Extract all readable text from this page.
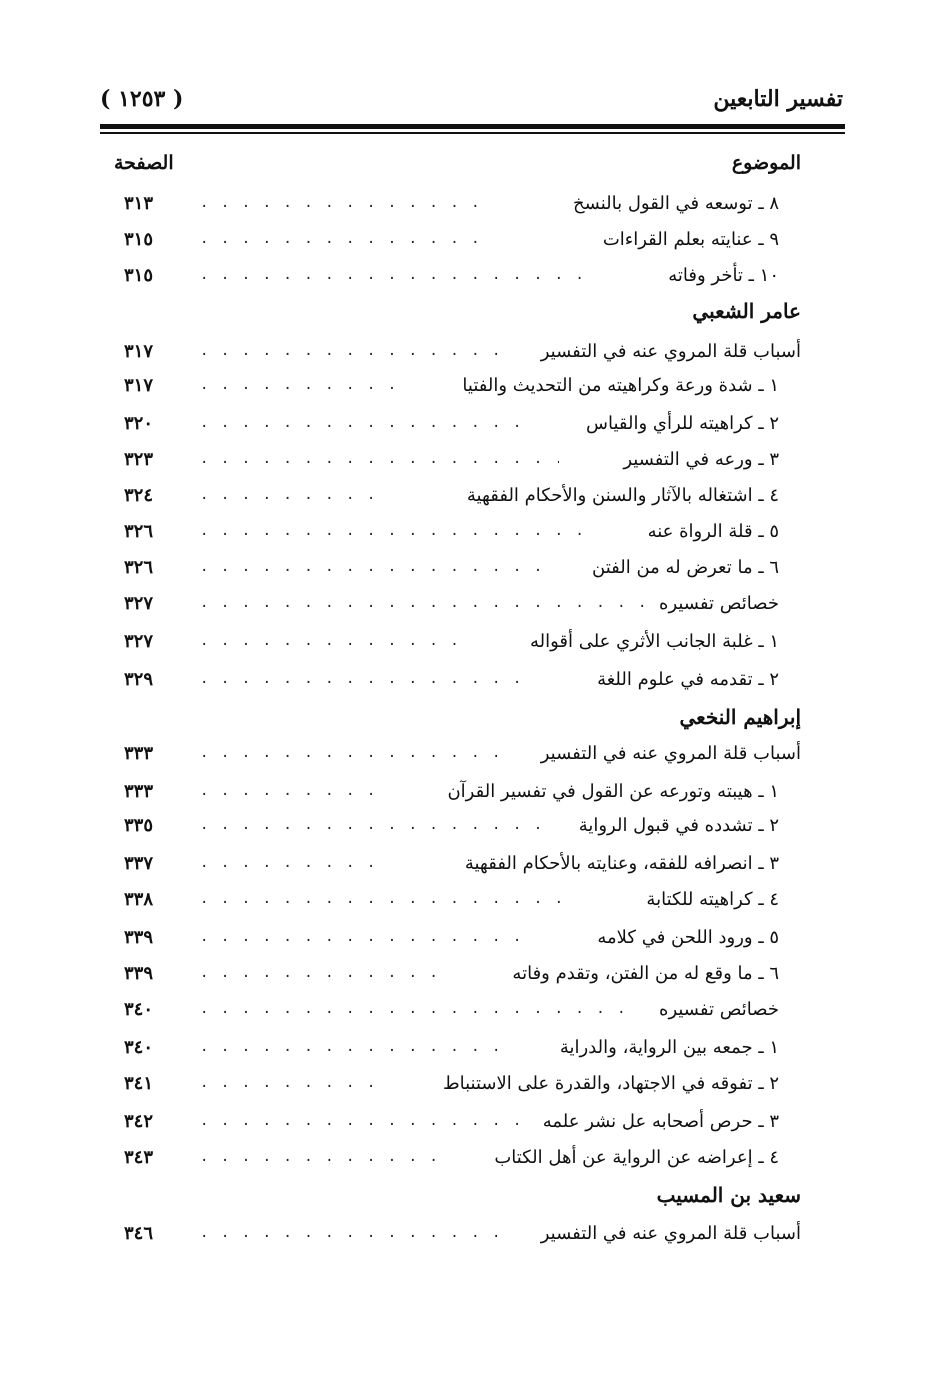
تفسير التابعين
( ١٢٥٣ )
الموضوع
الصفحة
. . .
٨ ـ توسعه في القول بالنسخ
٣١٣
. . .
٩ ـ عنايته بعلم القراءات
٣١٥
. . .
١٠ ـ تأخر وفاته
٣١٥
عامر الشعبي
. . .
أسباب قلة المروي عنه في التفسير
٣١٧
. . .
١ ـ شدة ورعة وكراهيته من التحديث والفتيا
٣١٧
. . .
٢ ـ كراهيته للرأي والقياس
٣٢٠
. . .
٣ ـ ورعه في التفسير
٣٢٣
. . .
٤ ـ اشتغاله بالآثار والسنن والأحكام الفقهية
٣٢٤
. . .
٥ ـ قلة الرواة عنه
٣٢٦
. . .
٦ ـ ما تعرض له من الفتن
٣٢٦
. . .
خصائص تفسيره
٣٢٧
. . .
١ ـ غلبة الجانب الأثري على أقواله
٣٢٧
. . .
٢ ـ تقدمه في علوم اللغة
٣٢٩
إبراهيم النخعي
. . .
أسباب قلة المروي عنه في التفسير
٣٣٣
. . .
١ ـ هيبته وتورعه عن القول في تفسير القرآن
٣٣٣
. . .
٢ ـ تشدده في قبول الرواية
٣٣٥
. . .
٣ ـ انصرافه للفقه، وعنايته بالأحكام الفقهية
٣٣٧
. . .
٤ ـ كراهيته للكتابة
٣٣٨
. . .
٥ ـ ورود اللحن في كلامه
٣٣٩
. . .
٦ ـ ما وقع له من الفتن، وتقدم وفاته
٣٣٩
. . .
خصائص تفسيره
٣٤٠
. . .
١ ـ جمعه بين الرواية، والدراية
٣٤٠
. . .
٢ ـ تفوقه في الاجتهاد، والقدرة على الاستنباط
٣٤١
. . .
٣ ـ حرص أصحابه عل نشر علمه
٣٤٢
. . .
٤ ـ إعراضه عن الرواية عن أهل الكتاب
٣٤٣
سعيد بن المسيب
. . .
أسباب قلة المروي عنه في التفسير
٣٤٦
